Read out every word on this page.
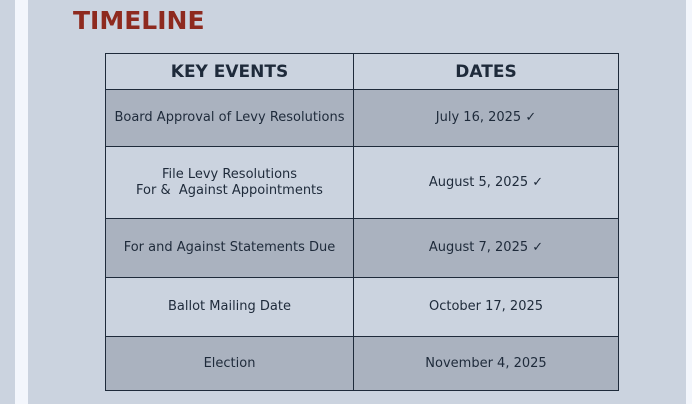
TIMELINE
KEY EVENTS	DATES
Board Approval of Levy Resolutions	July 16, 2025 ✓
File Levy Resolutions
For &  Against Appointments	August 5, 2025 ✓
For and Against Statements Due	August 7, 2025 ✓
Ballot Mailing Date	October 17, 2025
Election	November 4, 2025
